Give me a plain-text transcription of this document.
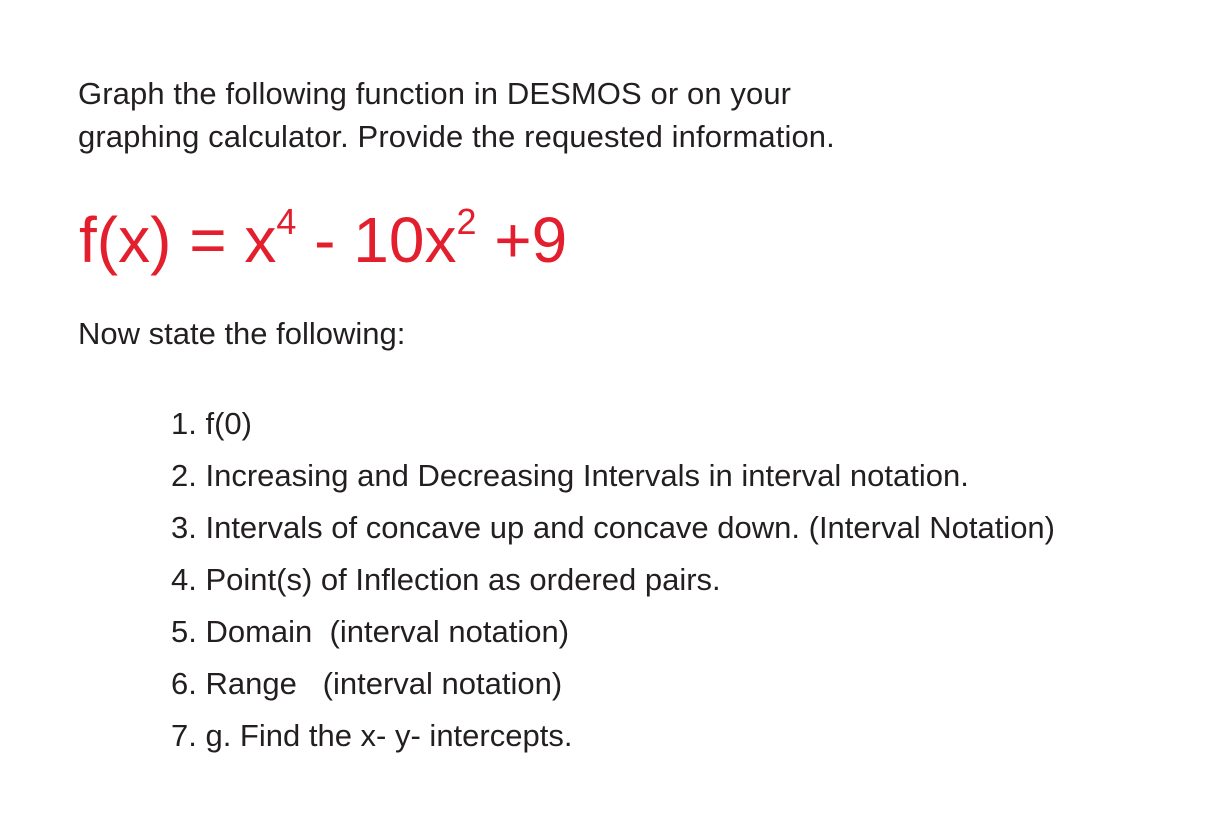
Graph the following function in DESMOS or on your
graphing calculator. Provide the requested information.
$f(x) = x^4 - 10x^2 +9$
Now state the following:
1. f(0)
2. Increasing and Decreasing Intervals in interval notation.
3. Intervals of concave up and concave down. (Interval Notation)
4. Point(s) of Inflection as ordered pairs.
5. Domain  (interval notation)
6. Range   (interval notation)
7. g. Find the x- y- intercepts.
